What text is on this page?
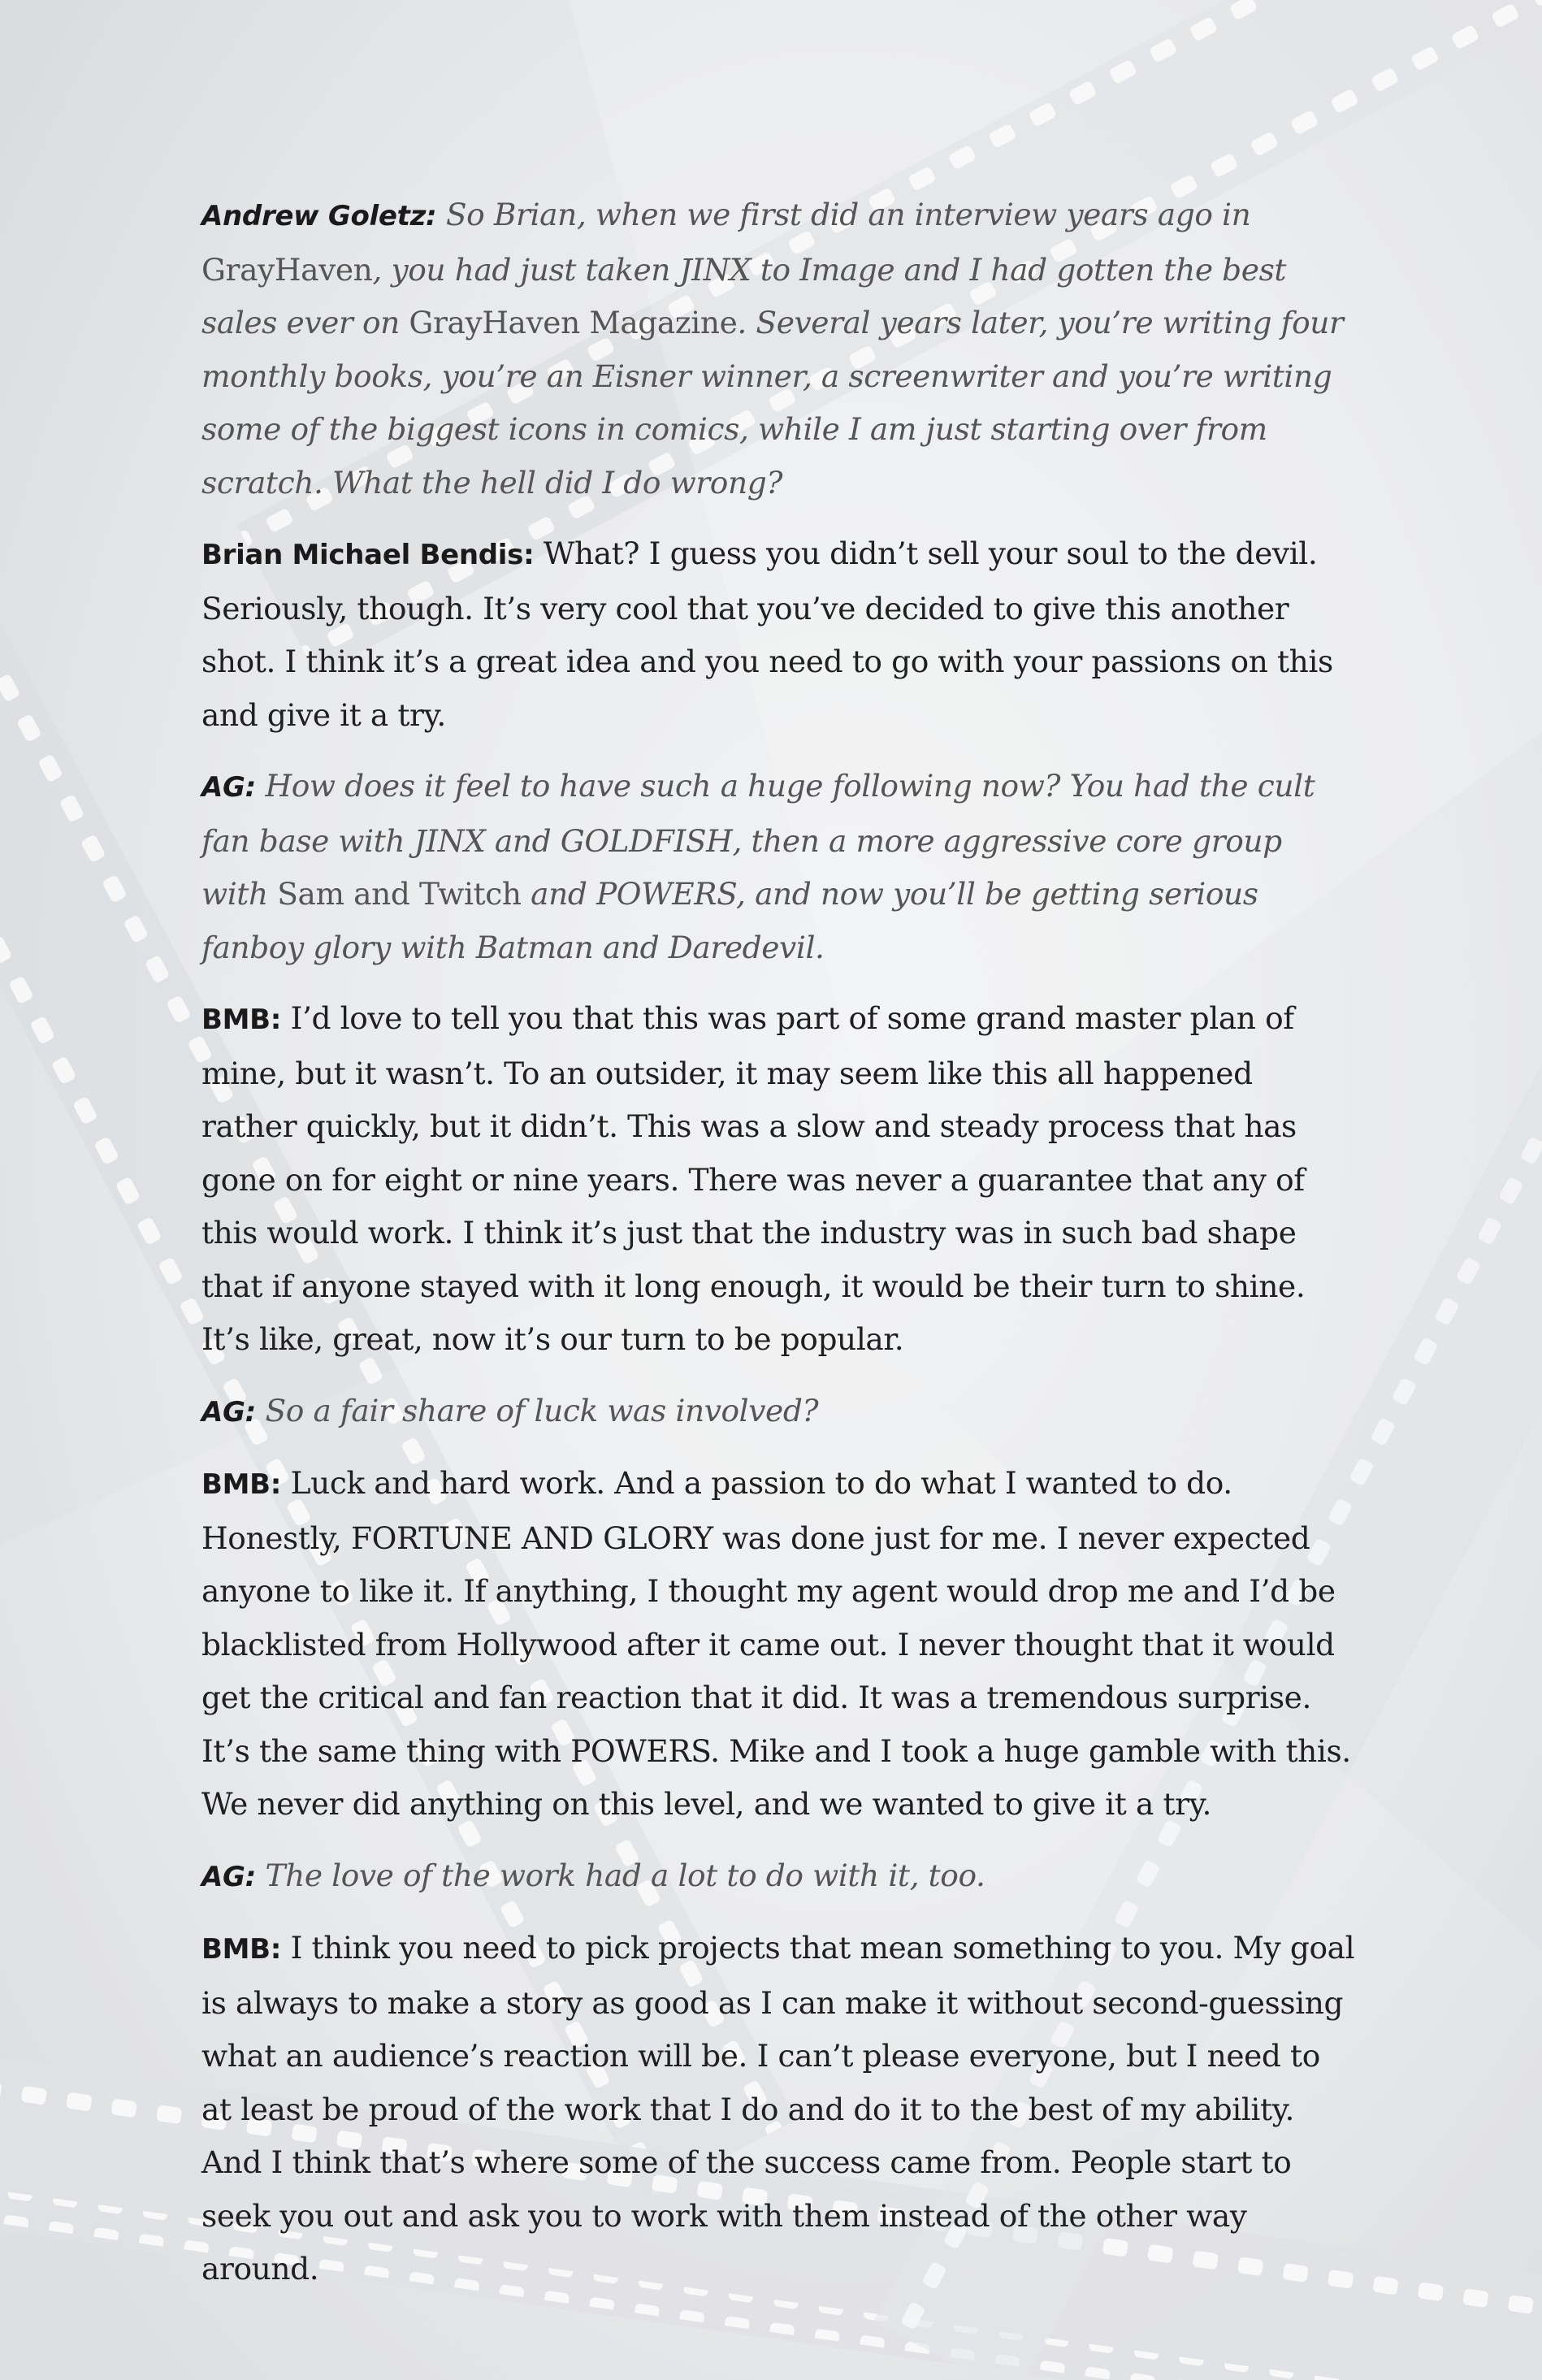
Andrew Goletz: So Brian, when we first did an interview years ago in GrayHaven, you had just taken JINX to Image and I had gotten the best sales ever on GrayHaven Magazine. Several years later, you’re writing four monthly books, you’re an Eisner winner, a screenwriter and you’re writing some of the biggest icons in comics, while I am just starting over from scratch. What the hell did I do wrong?

Brian Michael Bendis: What? I guess you didn’t sell your soul to the devil. Seriously, though. It’s very cool that you’ve decided to give this another shot. I think it’s a great idea and you need to go with your passions on this and give it a try.

AG: How does it feel to have such a huge following now? You had the cult fan base with JINX and GOLDFISH, then a more aggressive core group with Sam and Twitch and POWERS, and now you’ll be getting serious fanboy glory with Batman and Daredevil.

BMB: I’d love to tell you that this was part of some grand master plan of mine, but it wasn’t. To an outsider, it may seem like this all happened rather quickly, but it didn’t. This was a slow and steady process that has gone on for eight or nine years. There was never a guarantee that any of this would work. I think it’s just that the industry was in such bad shape that if anyone stayed with it long enough, it would be their turn to shine. It’s like, great, now it’s our turn to be popular.

AG: So a fair share of luck was involved?

BMB: Luck and hard work. And a passion to do what I wanted to do. Honestly, FORTUNE AND GLORY was done just for me. I never expected anyone to like it. If anything, I thought my agent would drop me and I’d be blacklisted from Hollywood after it came out. I never thought that it would get the critical and fan reaction that it did. It was a tremendous surprise. It’s the same thing with POWERS. Mike and I took a huge gamble with this. We never did anything on this level, and we wanted to give it a try.

AG: The love of the work had a lot to do with it, too.

BMB: I think you need to pick projects that mean something to you. My goal is always to make a story as good as I can make it without second-guessing what an audience’s reaction will be. I can’t please everyone, but I need to at least be proud of the work that I do and do it to the best of my ability. And I think that’s where some of the success came from. People start to seek you out and ask you to work with them instead of the other way around.
